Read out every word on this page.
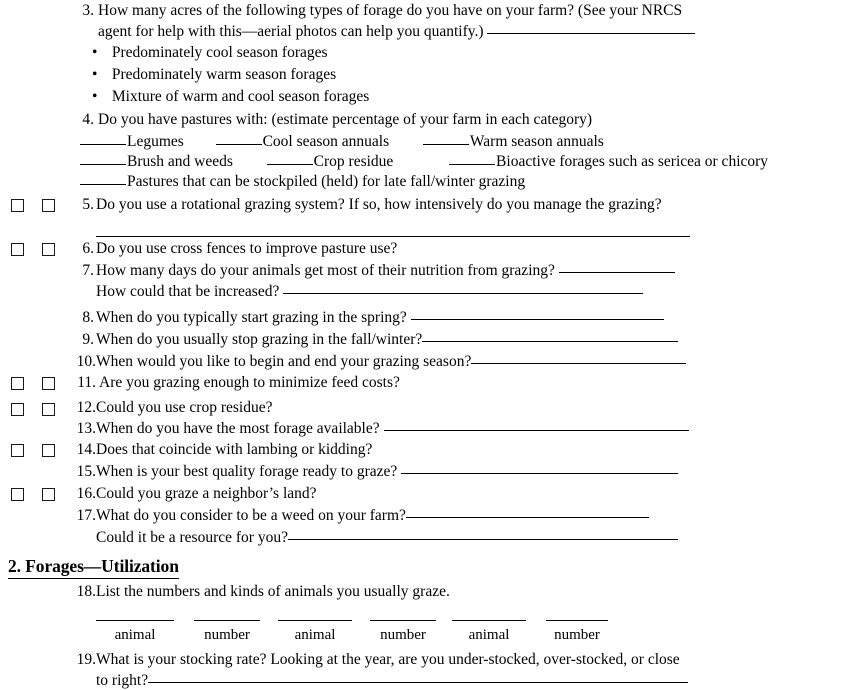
3. How many acres of the following types of forage do you have on your farm? (See your NRCS
agent for help with this—aerial photos can help you quantify.)
• Predominately cool season forages
• Predominately warm season forages
• Mixture of warm and cool season forages
4. Do you have pastures with: (estimate percentage of your farm in each category)
Legumes	Cool season annuals	Warm season annuals
Brush and weeds	Crop residue	Bioactive forages such as sericea or chicory
Pastures that can be stockpiled (held) for late fall/winter grazing
5. Do you use a rotational grazing system? If so, how intensively do you manage the grazing?
6. Do you use cross fences to improve pasture use?
7. How many days do your animals get most of their nutrition from grazing?
How could that be increased?
8. When do you typically start grazing in the spring?
9. When do you usually stop grazing in the fall/winter?
10. When would you like to begin and end your grazing season?
11. Are you grazing enough to minimize feed costs?
12. Could you use crop residue?
13. When do you have the most forage available?
14. Does that coincide with lambing or kidding?
15. When is your best quality forage ready to graze?
16. Could you graze a neighbor’s land?
17. What do you consider to be a weed on your farm?
Could it be a resource for you?
2. Forages—Utilization
18. List the numbers and kinds of animals you usually graze.
animal	number	animal	number	animal	number
19. What is your stocking rate? Looking at the year, are you under-stocked, over-stocked, or close
to right?
